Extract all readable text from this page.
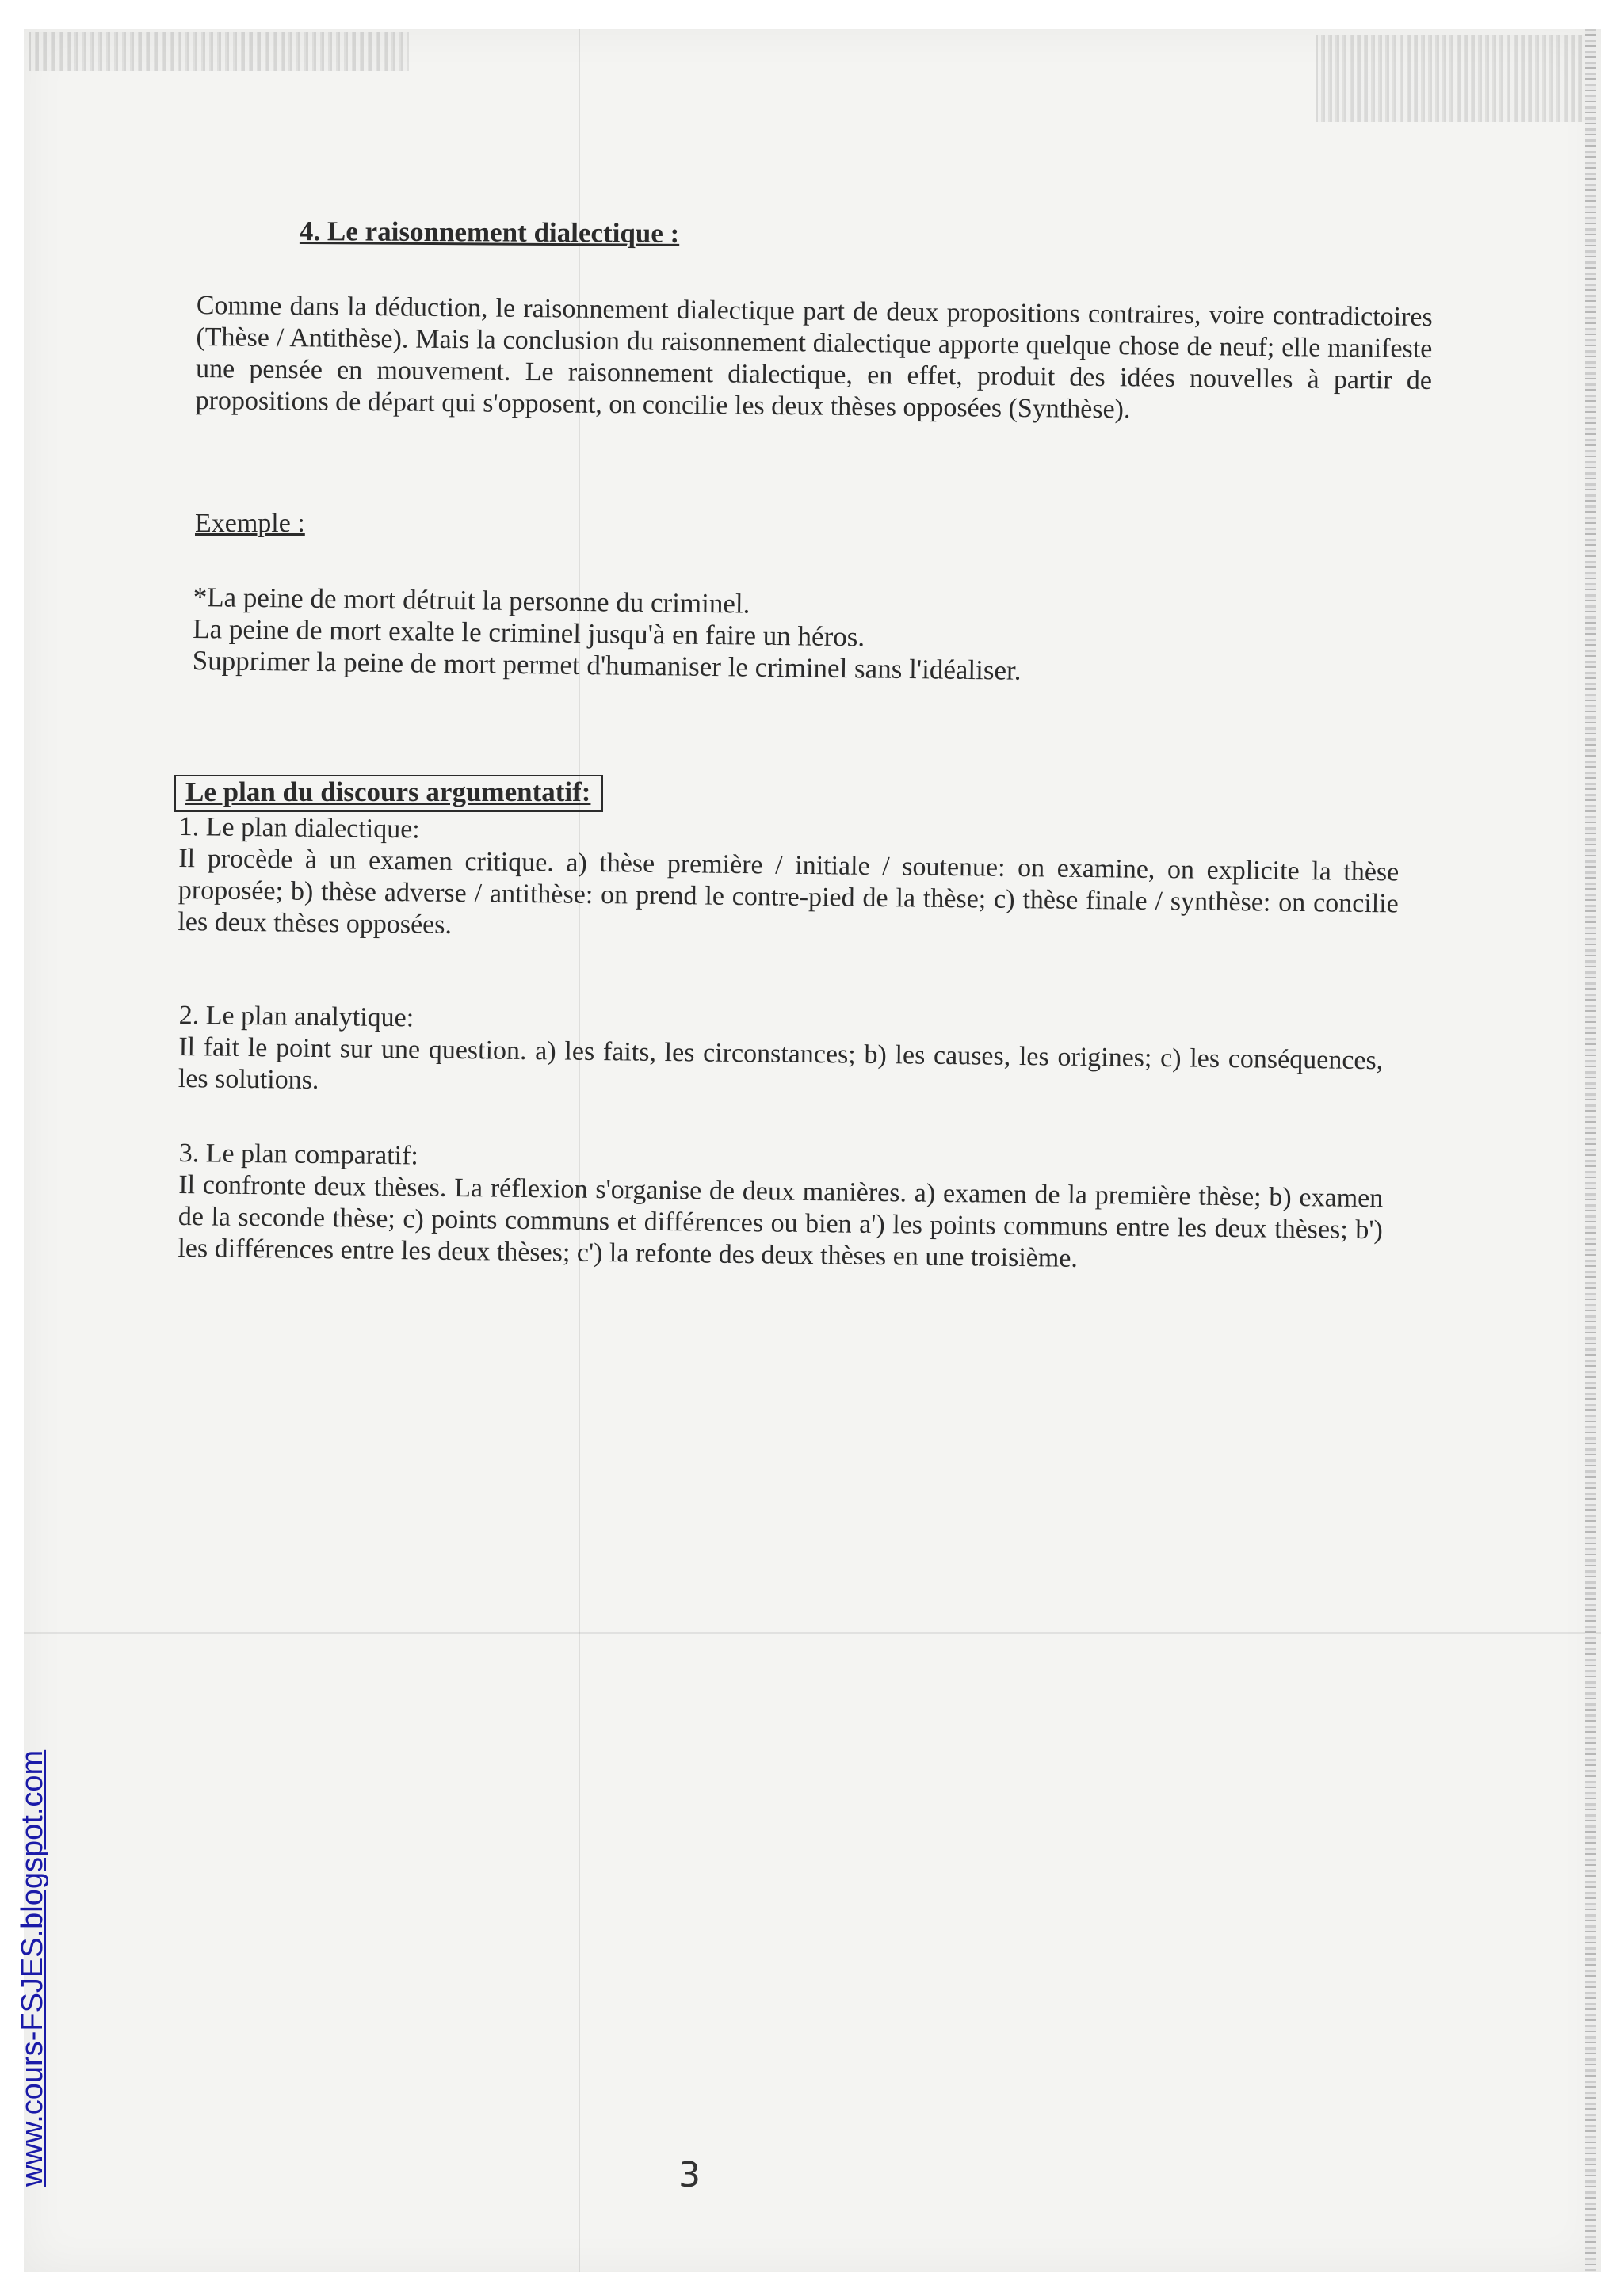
4. Le raisonnement dialectique :

Comme dans la déduction, le raisonnement dialectique part de deux propositions contraires, voire contradictoires (Thèse / Antithèse). Mais la conclusion du raisonnement dialectique apporte quelque chose de neuf; elle manifeste une pensée en mouvement. Le raisonnement dialectique, en effet, produit des idées nouvelles à partir de propositions de départ qui s'opposent, on concilie les deux thèses opposées (Synthèse).

Exemple :

*La peine de mort détruit la personne du criminel.
La peine de mort exalte le criminel jusqu'à en faire un héros.
Supprimer la peine de mort permet d'humaniser le criminel sans l'idéaliser.
Le plan du discours argumentatif:
1. Le plan dialectique:

Il procède à un examen critique. a) thèse première / initiale / soutenue: on examine, on explicite la thèse proposée; b) thèse adverse / antithèse: on prend le contre-pied de la thèse; c) thèse finale / synthèse: on concilie les deux thèses opposées.

2. Le plan analytique:

Il fait le point sur une question. a) les faits, les circonstances; b) les causes, les origines; c) les conséquences, les solutions.

3. Le plan comparatif:

Il confronte deux thèses. La réflexion s'organise de deux manières. a) examen de la première thèse; b) examen de la seconde thèse; c) points communs et différences ou bien a') les points communs entre les deux thèses; b') les différences entre les deux thèses; c') la refonte des deux thèses en une troisième.

3

www.cours-FSJES.blogspot.com
